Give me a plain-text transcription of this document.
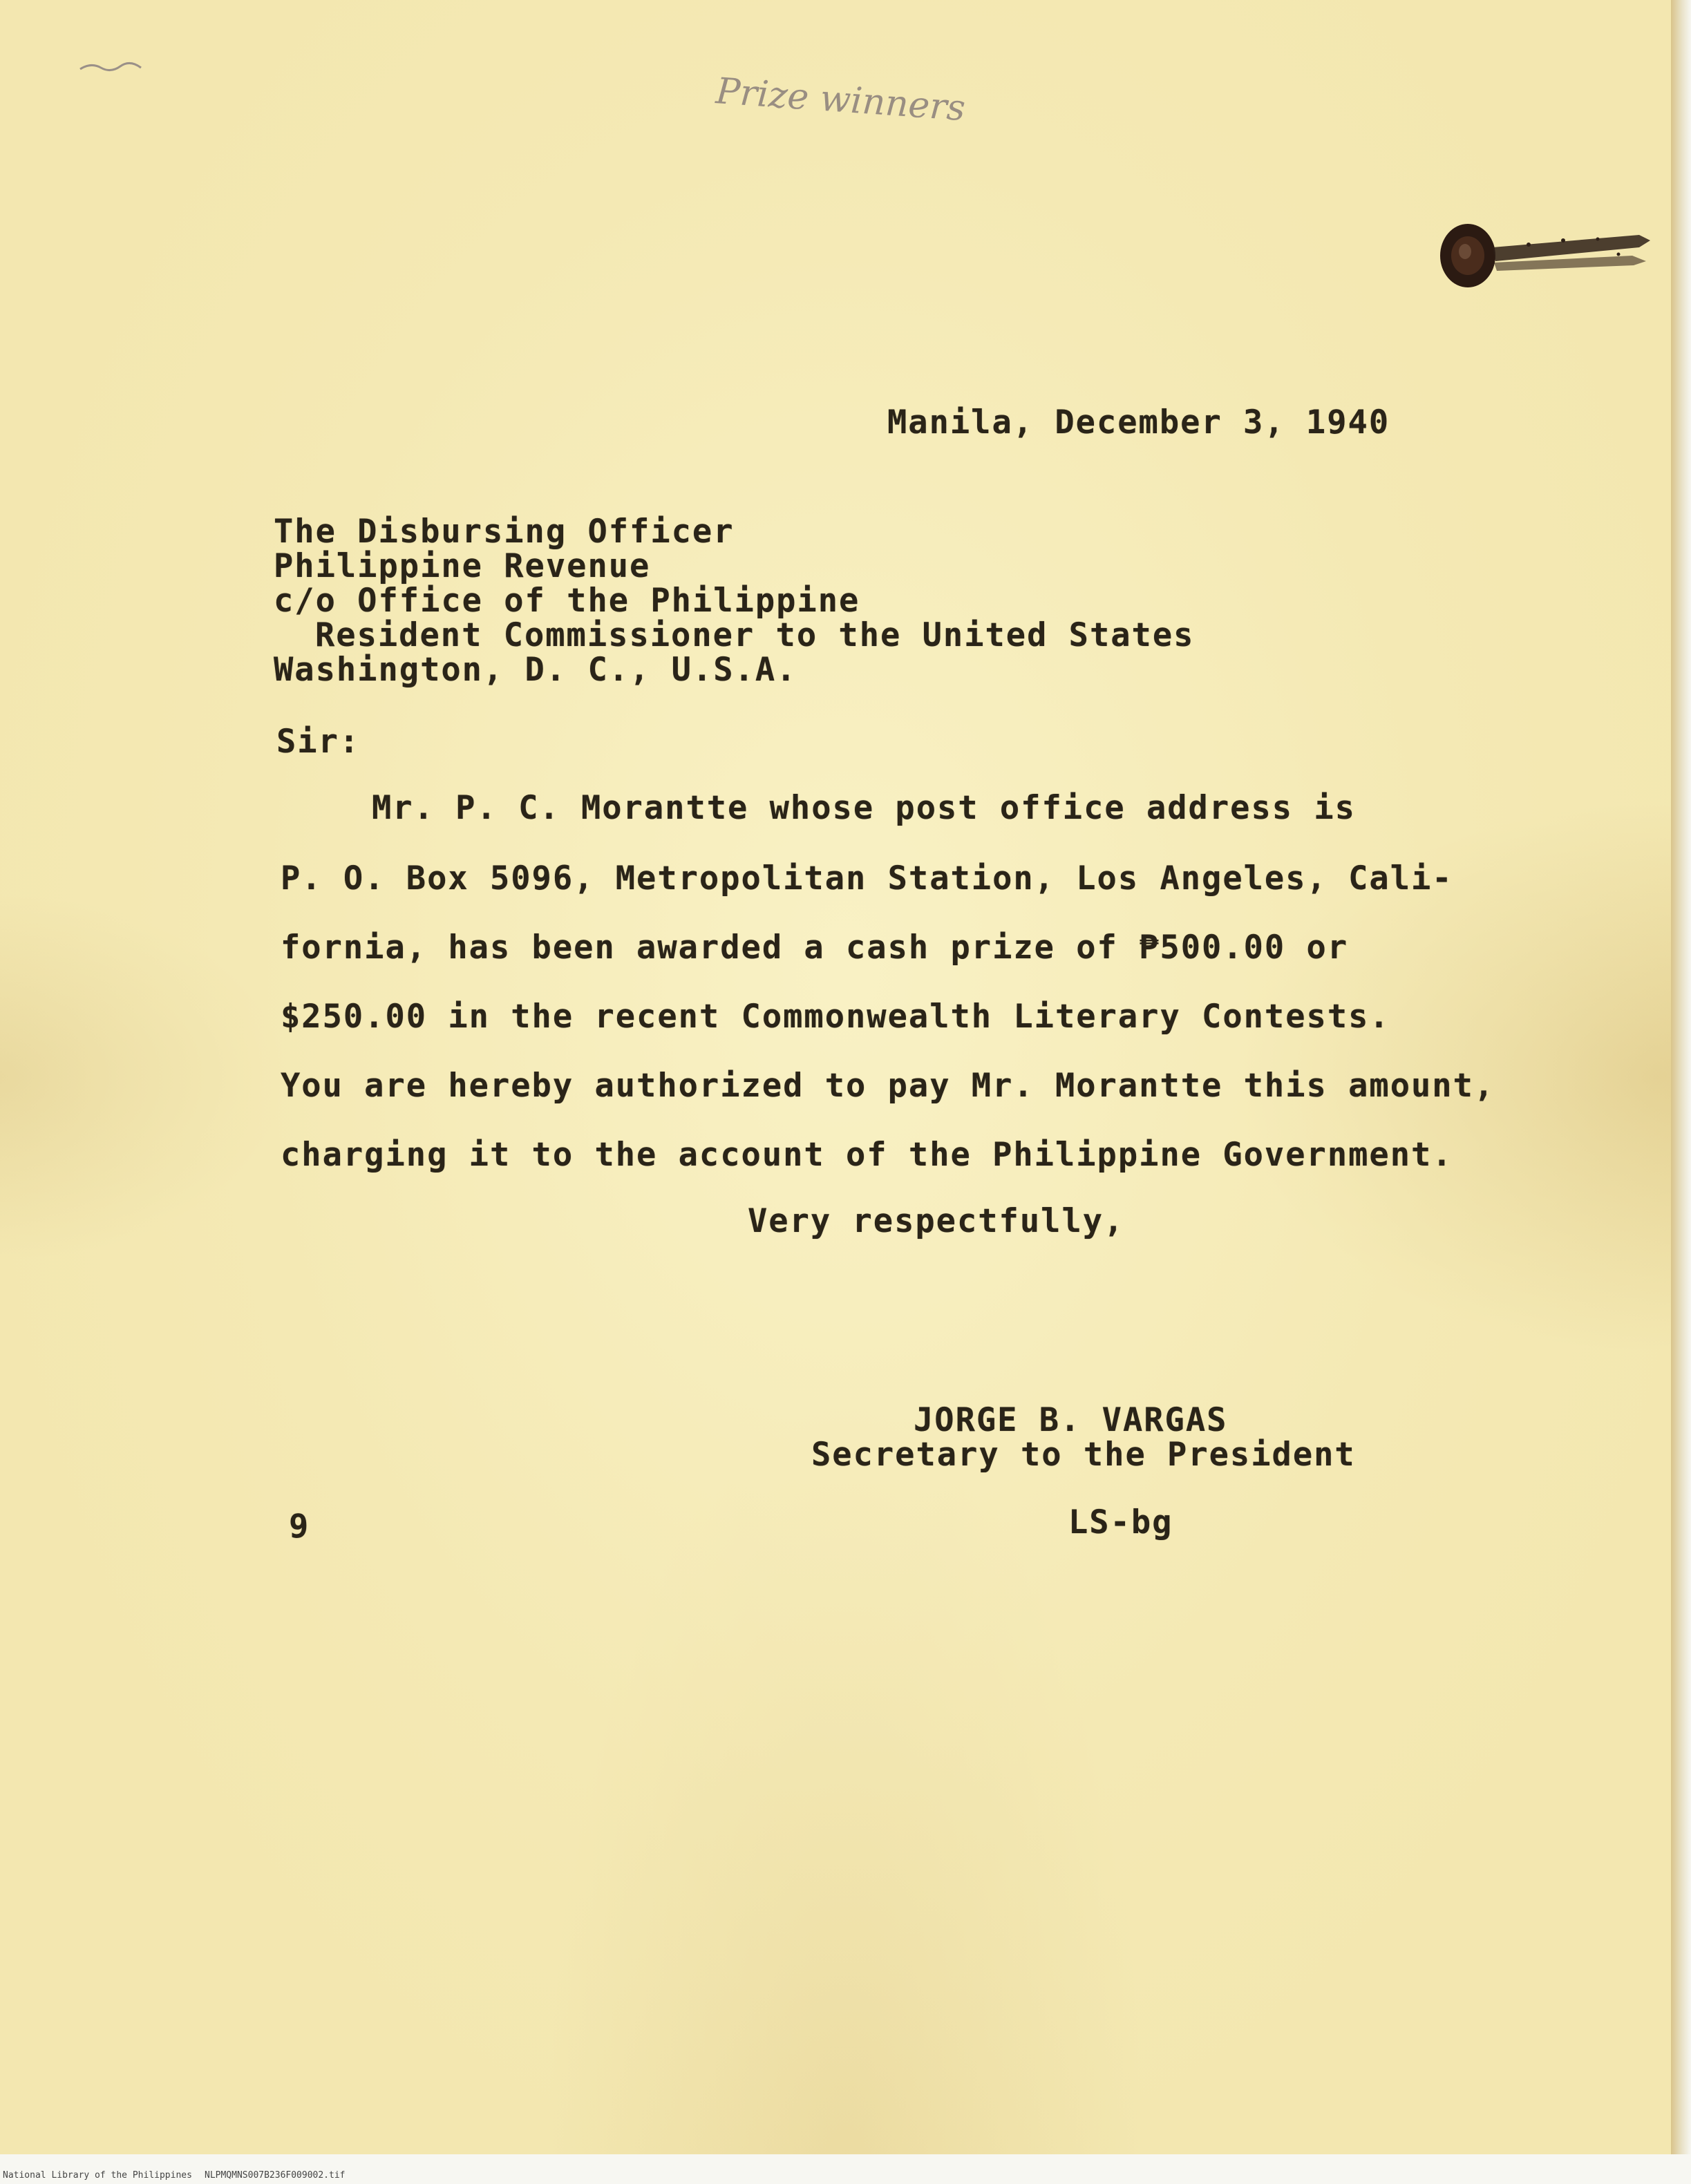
Prize winners
Manila, December 3, 1940
The Disbursing Officer
Philippine Revenue
c/o Office of the Philippine
Resident Commissioner to the United States
Washington, D. C., U.S.A.
Sir:
Mr. P. C. Morantte whose post office address is
P. O. Box 5096, Metropolitan Station, Los Angeles, Cali-
fornia, has been awarded a cash prize of ₱500.00 or
$250.00 in the recent Commonwealth Literary Contests.
You are hereby authorized to pay Mr. Morantte this amount,
charging it to the account of the Philippine Government.
Very respectfully,
JORGE B. VARGAS
Secretary to the President
9	LS-bg
National Library of the Philippines NLPMQMNS007B236F009002.tif
